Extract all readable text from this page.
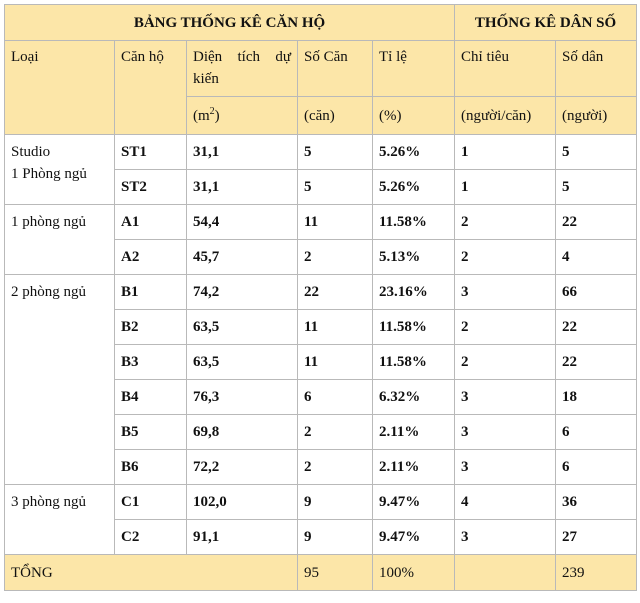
BẢNG THỐNG KÊ CĂN HỘ					THỐNG KÊ DÂN SỐ	
Loại	Căn hộ	Diện tích dự kiến	Số Căn	Tỉ lệ	Chỉ tiêu	Số dân
		$(m^2)$	(căn)	(%)	(người/căn)	(người)
Studio
1 Phòng ngủ	ST1	31,1	5	5.26%	1	5
	ST2	31,1	5	5.26%	1	5
1 phòng ngủ	A1	54,4	11	11.58%	2	22
	A2	45,7	2	5.13%	2	4
2 phòng ngủ	B1	74,2	22	23.16%	3	66
	B2	63,5	11	11.58%	2	22
	B3	63,5	11	11.58%	2	22
	B4	76,3	6	6.32%	3	18
	B5	69,8	2	2.11%	3	6
	B6	72,2	2	2.11%	3	6
3 phòng ngủ	C1	102,0	9	9.47%	4	36
	C2	91,1	9	9.47%	3	27
TỔNG			95	100%		239
